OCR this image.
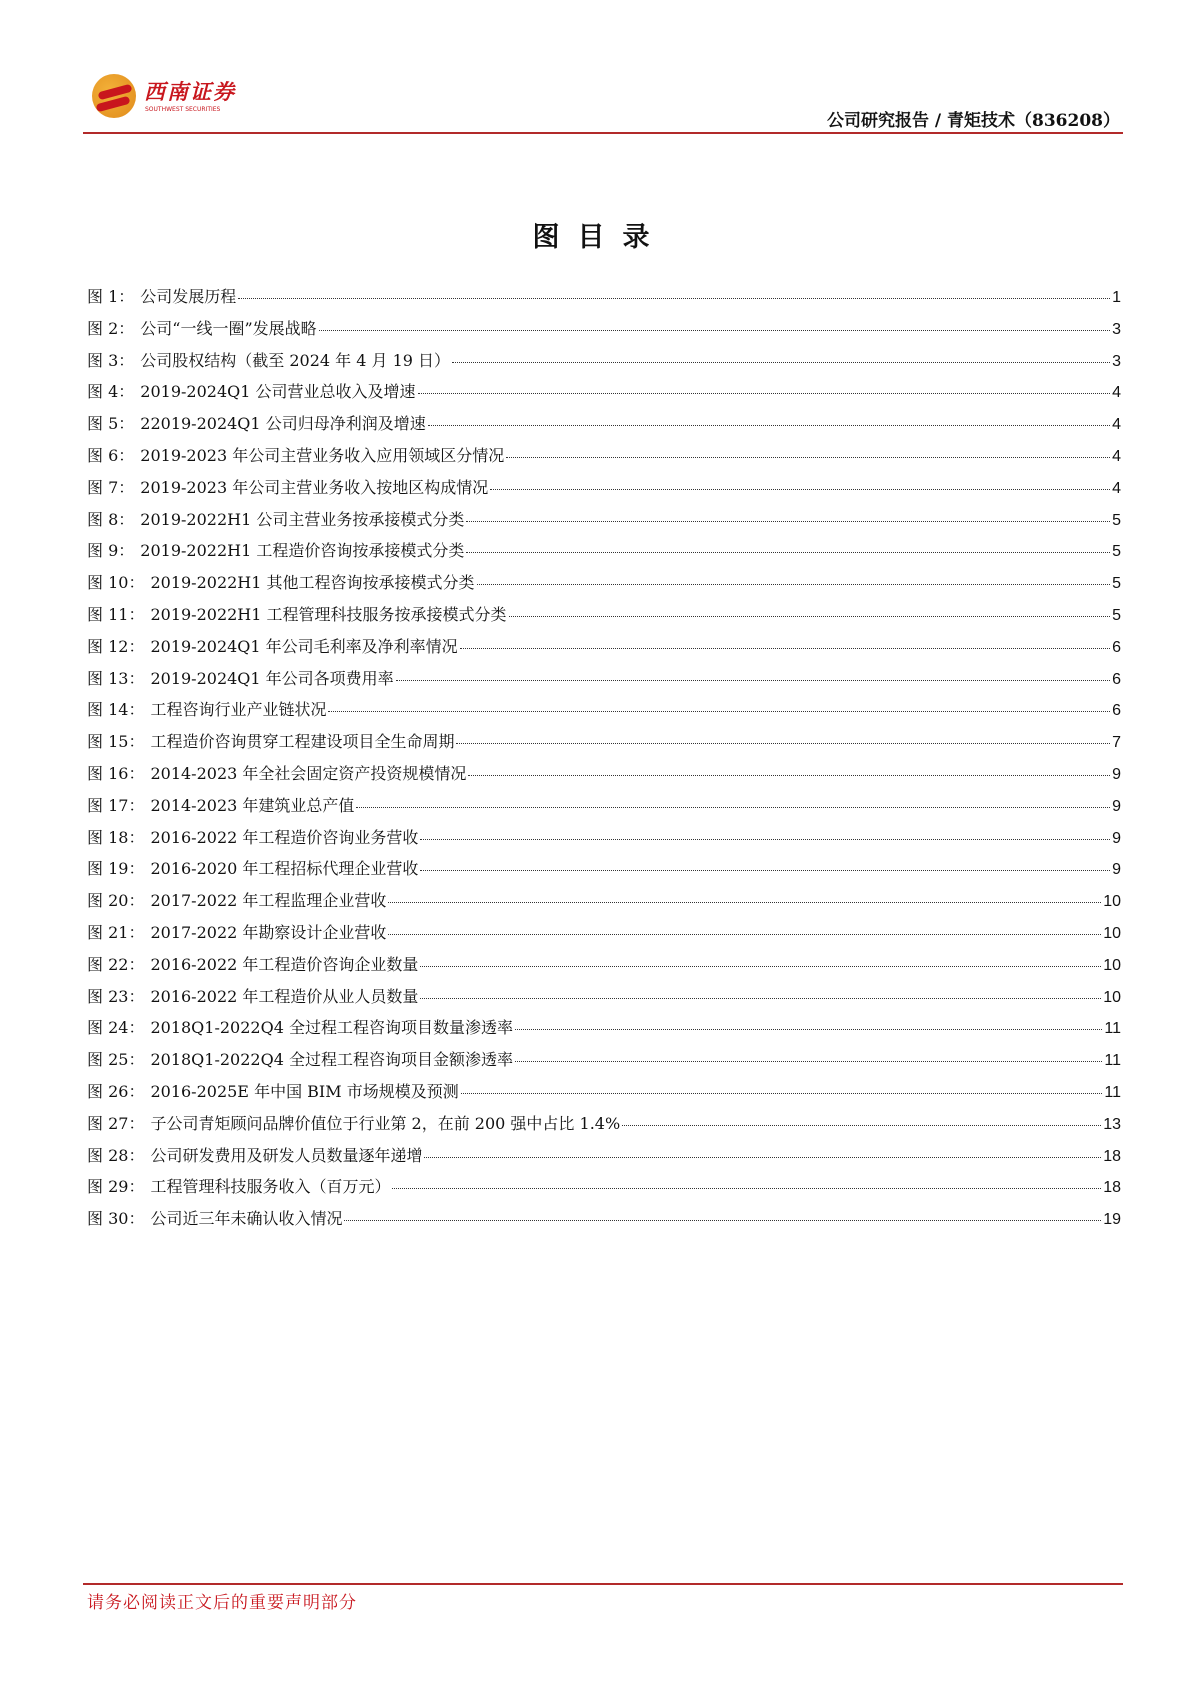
西南证券
SOUTHWEST SECURITIES
公司研究报告 / 青矩技术（836208）
图目录
图 1： 公司发展历程	1
图 2： 公司“一线一圈”发展战略	3
图 3： 公司股权结构（截至 2024 年 4 月 19 日）	3
图 4： 2019-2024Q1 公司营业总收入及增速	4
图 5： 22019-2024Q1 公司归母净利润及增速	4
图 6： 2019-2023 年公司主营业务收入应用领域区分情况	4
图 7： 2019-2023 年公司主营业务收入按地区构成情况	4
图 8： 2019-2022H1 公司主营业务按承接模式分类	5
图 9： 2019-2022H1 工程造价咨询按承接模式分类	5
图 10： 2019-2022H1 其他工程咨询按承接模式分类	5
图 11： 2019-2022H1 工程管理科技服务按承接模式分类	5
图 12： 2019-2024Q1 年公司毛利率及净利率情况	6
图 13： 2019-2024Q1 年公司各项费用率	6
图 14： 工程咨询行业产业链状况	6
图 15： 工程造价咨询贯穿工程建设项目全生命周期	7
图 16： 2014-2023 年全社会固定资产投资规模情况	9
图 17： 2014-2023 年建筑业总产值	9
图 18： 2016-2022 年工程造价咨询业务营收	9
图 19： 2016-2020 年工程招标代理企业营收	9
图 20： 2017-2022 年工程监理企业营收	10
图 21： 2017-2022 年勘察设计企业营收	10
图 22： 2016-2022 年工程造价咨询企业数量	10
图 23： 2016-2022 年工程造价从业人员数量	10
图 24： 2018Q1-2022Q4 全过程工程咨询项目数量渗透率	11
图 25： 2018Q1-2022Q4 全过程工程咨询项目金额渗透率	11
图 26： 2016-2025E 年中国 BIM 市场规模及预测	11
图 27： 子公司青矩顾问品牌价值位于行业第 2，在前 200 强中占比 1.4%	13
图 28： 公司研发费用及研发人员数量逐年递增	18
图 29： 工程管理科技服务收入（百万元）	18
图 30： 公司近三年未确认收入情况	19
请务必阅读正文后的重要声明部分
